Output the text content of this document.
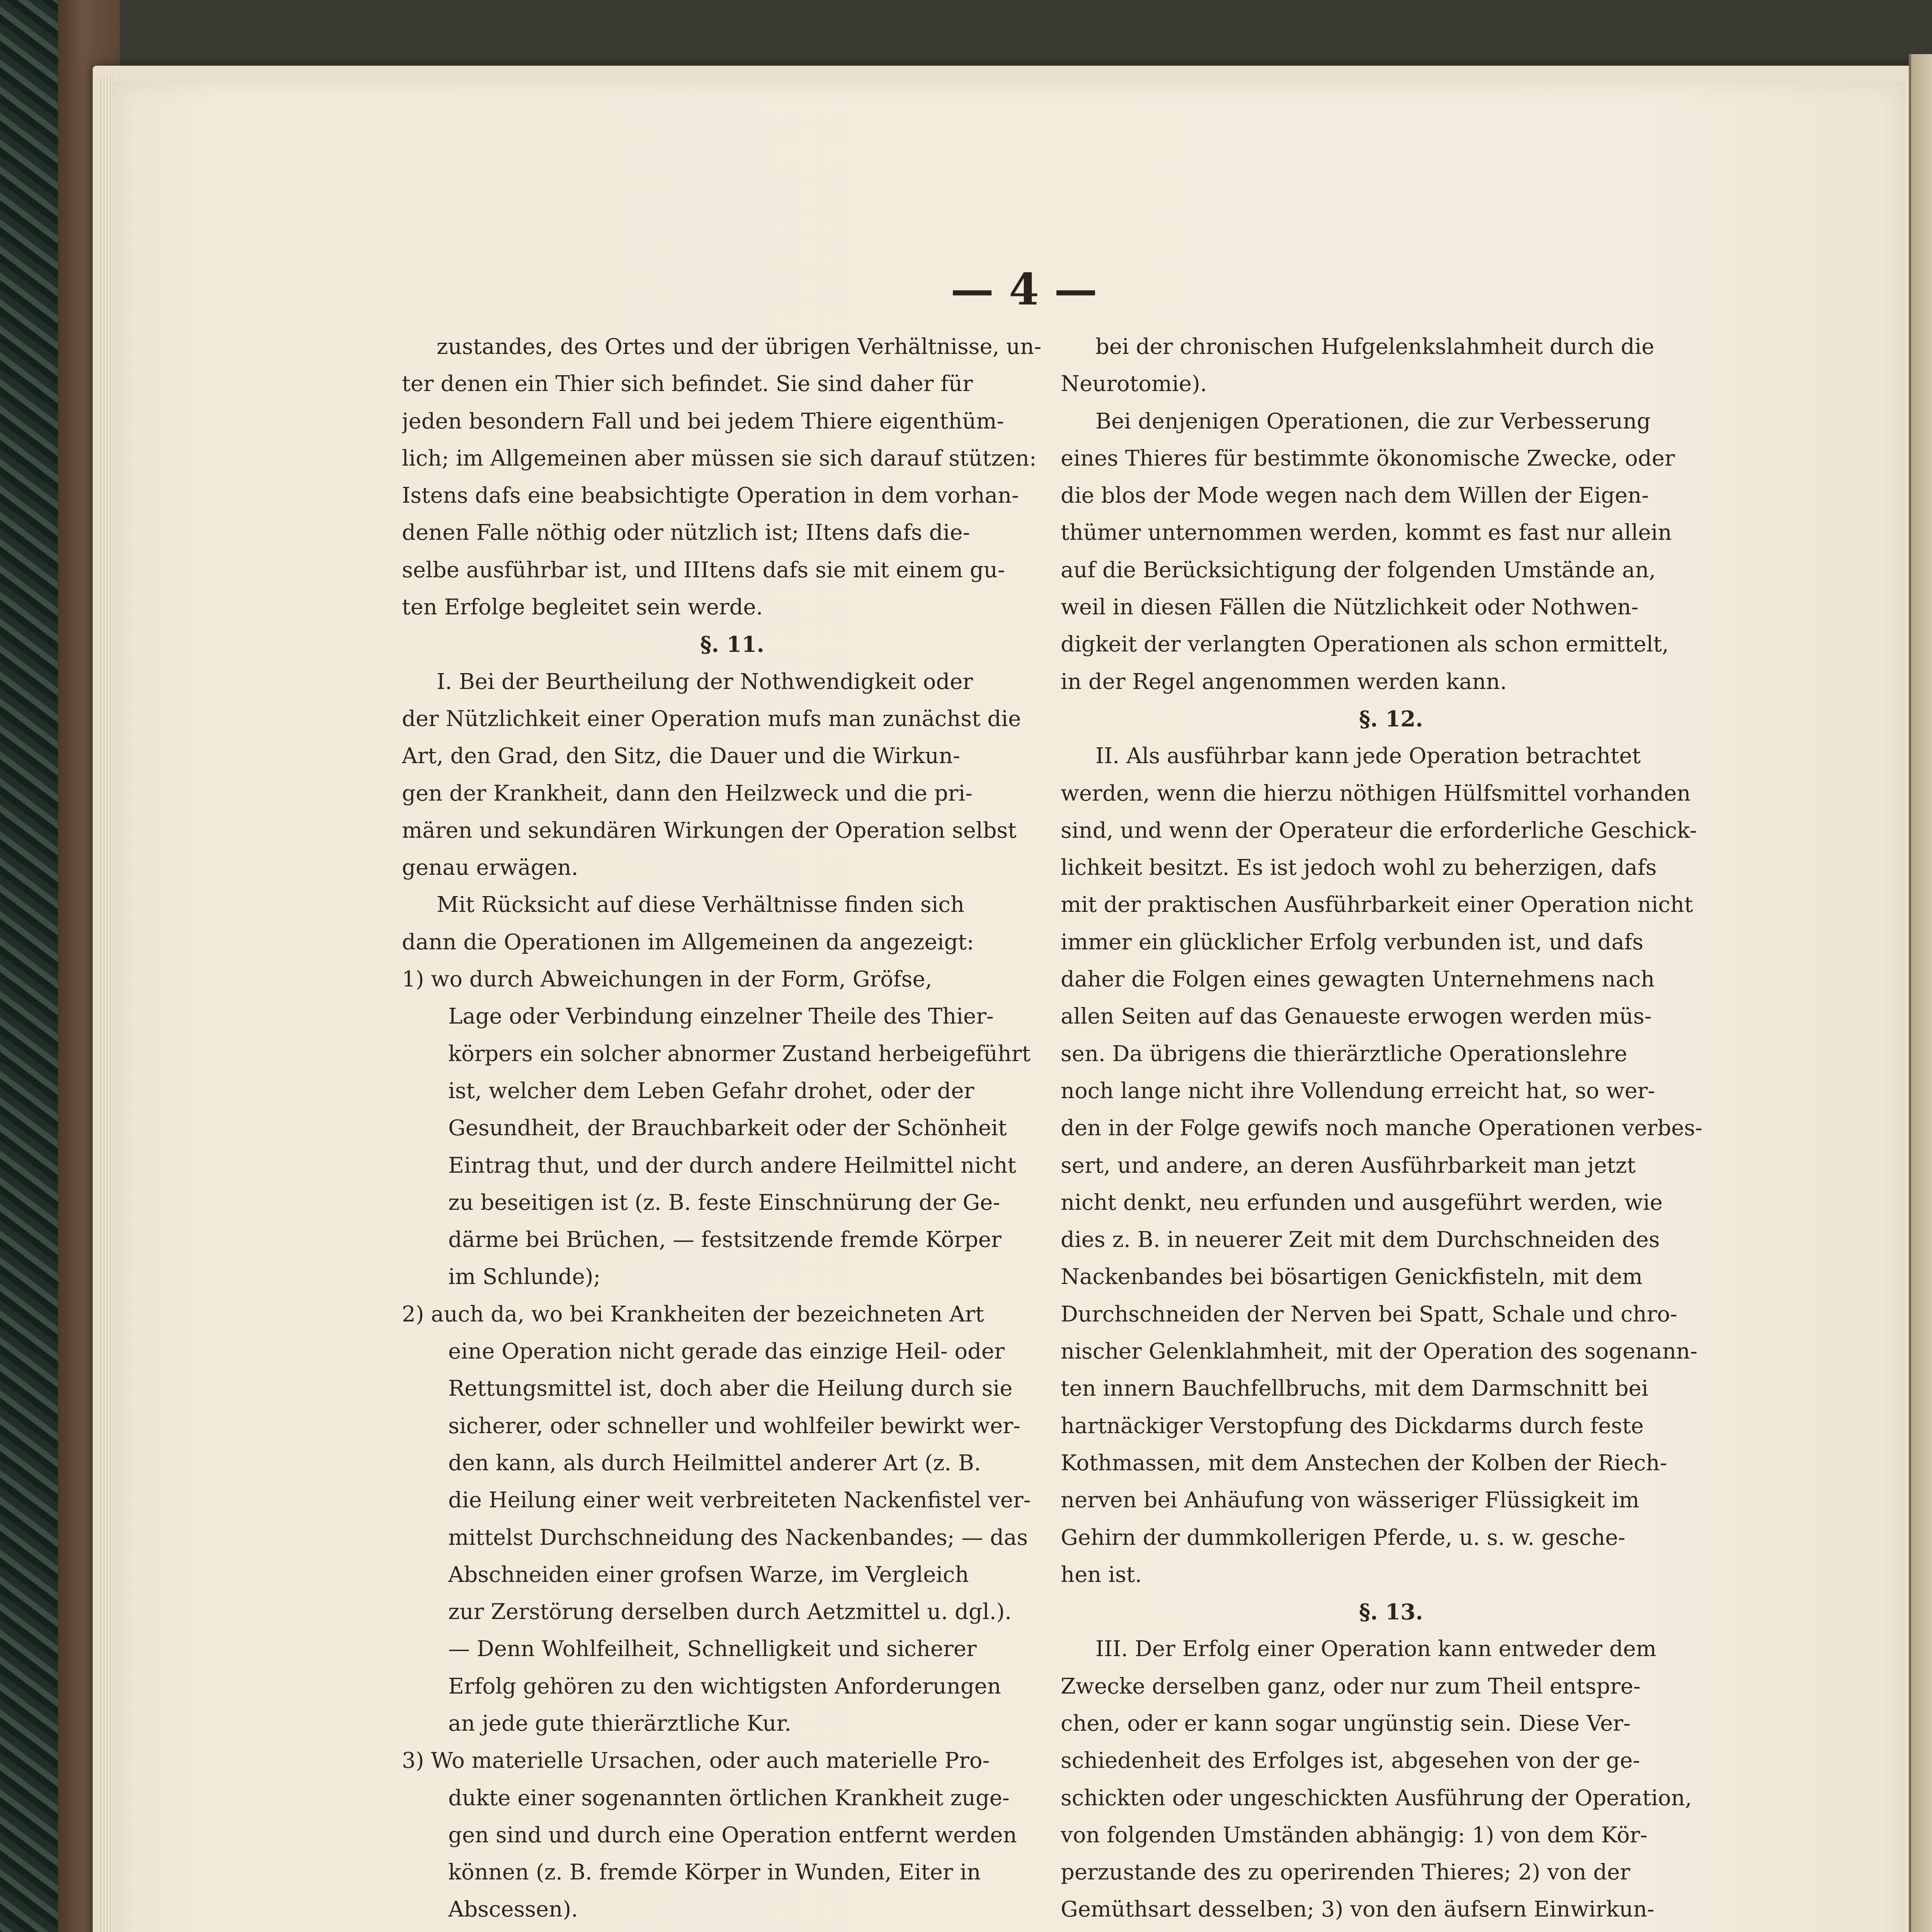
— 4 —

zustandes, des Ortes und der übrigen Verhältnisse, un-

ter denen ein Thier sich befindet. Sie sind daher für

jeden besondern Fall und bei jedem Thiere eigenthüm-

lich; im Allgemeinen aber müssen sie sich darauf stützen:

Istens dafs eine beabsichtigte Operation in dem vorhan-

denen Falle nöthig oder nützlich ist; IItens dafs die-

selbe ausführbar ist, und IIItens dafs sie mit einem gu-

ten Erfolge begleitet sein werde.

§. 11.

I. Bei der Beurtheilung der Nothwendigkeit oder

der Nützlichkeit einer Operation mufs man zunächst die

Art, den Grad, den Sitz, die Dauer und die Wirkun-

gen der Krankheit, dann den Heilzweck und die pri-

mären und sekundären Wirkungen der Operation selbst

genau erwägen.

Mit Rücksicht auf diese Verhältnisse finden sich

dann die Operationen im Allgemeinen da angezeigt:

1) wo durch Abweichungen in der Form, Gröfse,

Lage oder Verbindung einzelner Theile des Thier-

körpers ein solcher abnormer Zustand herbeigeführt

ist, welcher dem Leben Gefahr drohet, oder der

Gesundheit, der Brauchbarkeit oder der Schönheit

Eintrag thut, und der durch andere Heilmittel nicht

zu beseitigen ist (z. B. feste Einschnürung der Ge-

därme bei Brüchen, — festsitzende fremde Körper

im Schlunde);

2) auch da, wo bei Krankheiten der bezeichneten Art

eine Operation nicht gerade das einzige Heil- oder

Rettungsmittel ist, doch aber die Heilung durch sie

sicherer, oder schneller und wohlfeiler bewirkt wer-

den kann, als durch Heilmittel anderer Art (z. B.

die Heilung einer weit verbreiteten Nackenfistel ver-

mittelst Durchschneidung des Nackenbandes; — das

Abschneiden einer grofsen Warze, im Vergleich

zur Zerstörung derselben durch Aetzmittel u. dgl.).

— Denn Wohlfeilheit, Schnelligkeit und sicherer

Erfolg gehören zu den wichtigsten Anforderungen

an jede gute thierärztliche Kur.

3) Wo materielle Ursachen, oder auch materielle Pro-

dukte einer sogenannten örtlichen Krankheit zuge-

gen sind und durch eine Operation entfernt werden

können (z. B. fremde Körper in Wunden, Eiter in

Abscessen).

bei der chronischen Hufgelenkslahmheit durch die

Neurotomie).

Bei denjenigen Operationen, die zur Verbesserung

eines Thieres für bestimmte ökonomische Zwecke, oder

die blos der Mode wegen nach dem Willen der Eigen-

thümer unternommen werden, kommt es fast nur allein

auf die Berücksichtigung der folgenden Umstände an,

weil in diesen Fällen die Nützlichkeit oder Nothwen-

digkeit der verlangten Operationen als schon ermittelt,

in der Regel angenommen werden kann.

§. 12.

II. Als ausführbar kann jede Operation betrachtet

werden, wenn die hierzu nöthigen Hülfsmittel vorhanden

sind, und wenn der Operateur die erforderliche Geschick-

lichkeit besitzt. Es ist jedoch wohl zu beherzigen, dafs

mit der praktischen Ausführbarkeit einer Operation nicht

immer ein glücklicher Erfolg verbunden ist, und dafs

daher die Folgen eines gewagten Unternehmens nach

allen Seiten auf das Genaueste erwogen werden müs-

sen. Da übrigens die thierärztliche Operationslehre

noch lange nicht ihre Vollendung erreicht hat, so wer-

den in der Folge gewifs noch manche Operationen verbes-

sert, und andere, an deren Ausführbarkeit man jetzt

nicht denkt, neu erfunden und ausgeführt werden, wie

dies z. B. in neuerer Zeit mit dem Durchschneiden des

Nackenbandes bei bösartigen Genickfisteln, mit dem

Durchschneiden der Nerven bei Spatt, Schale und chro-

nischer Gelenklahmheit, mit der Operation des sogenann-

ten innern Bauchfellbruchs, mit dem Darmschnitt bei

hartnäckiger Verstopfung des Dickdarms durch feste

Kothmassen, mit dem Anstechen der Kolben der Riech-

nerven bei Anhäufung von wässeriger Flüssigkeit im

Gehirn der dummkollerigen Pferde, u. s. w. gesche-

hen ist.

§. 13.

III. Der Erfolg einer Operation kann entweder dem

Zwecke derselben ganz, oder nur zum Theil entspre-

chen, oder er kann sogar ungünstig sein. Diese Ver-

schiedenheit des Erfolges ist, abgesehen von der ge-

schickten oder ungeschickten Ausführung der Operation,

von folgenden Umständen abhängig: 1) von dem Kör-

perzustande des zu operirenden Thieres; 2) von der

Gemüthsart desselben; 3) von den äufsern Einwirkun-
